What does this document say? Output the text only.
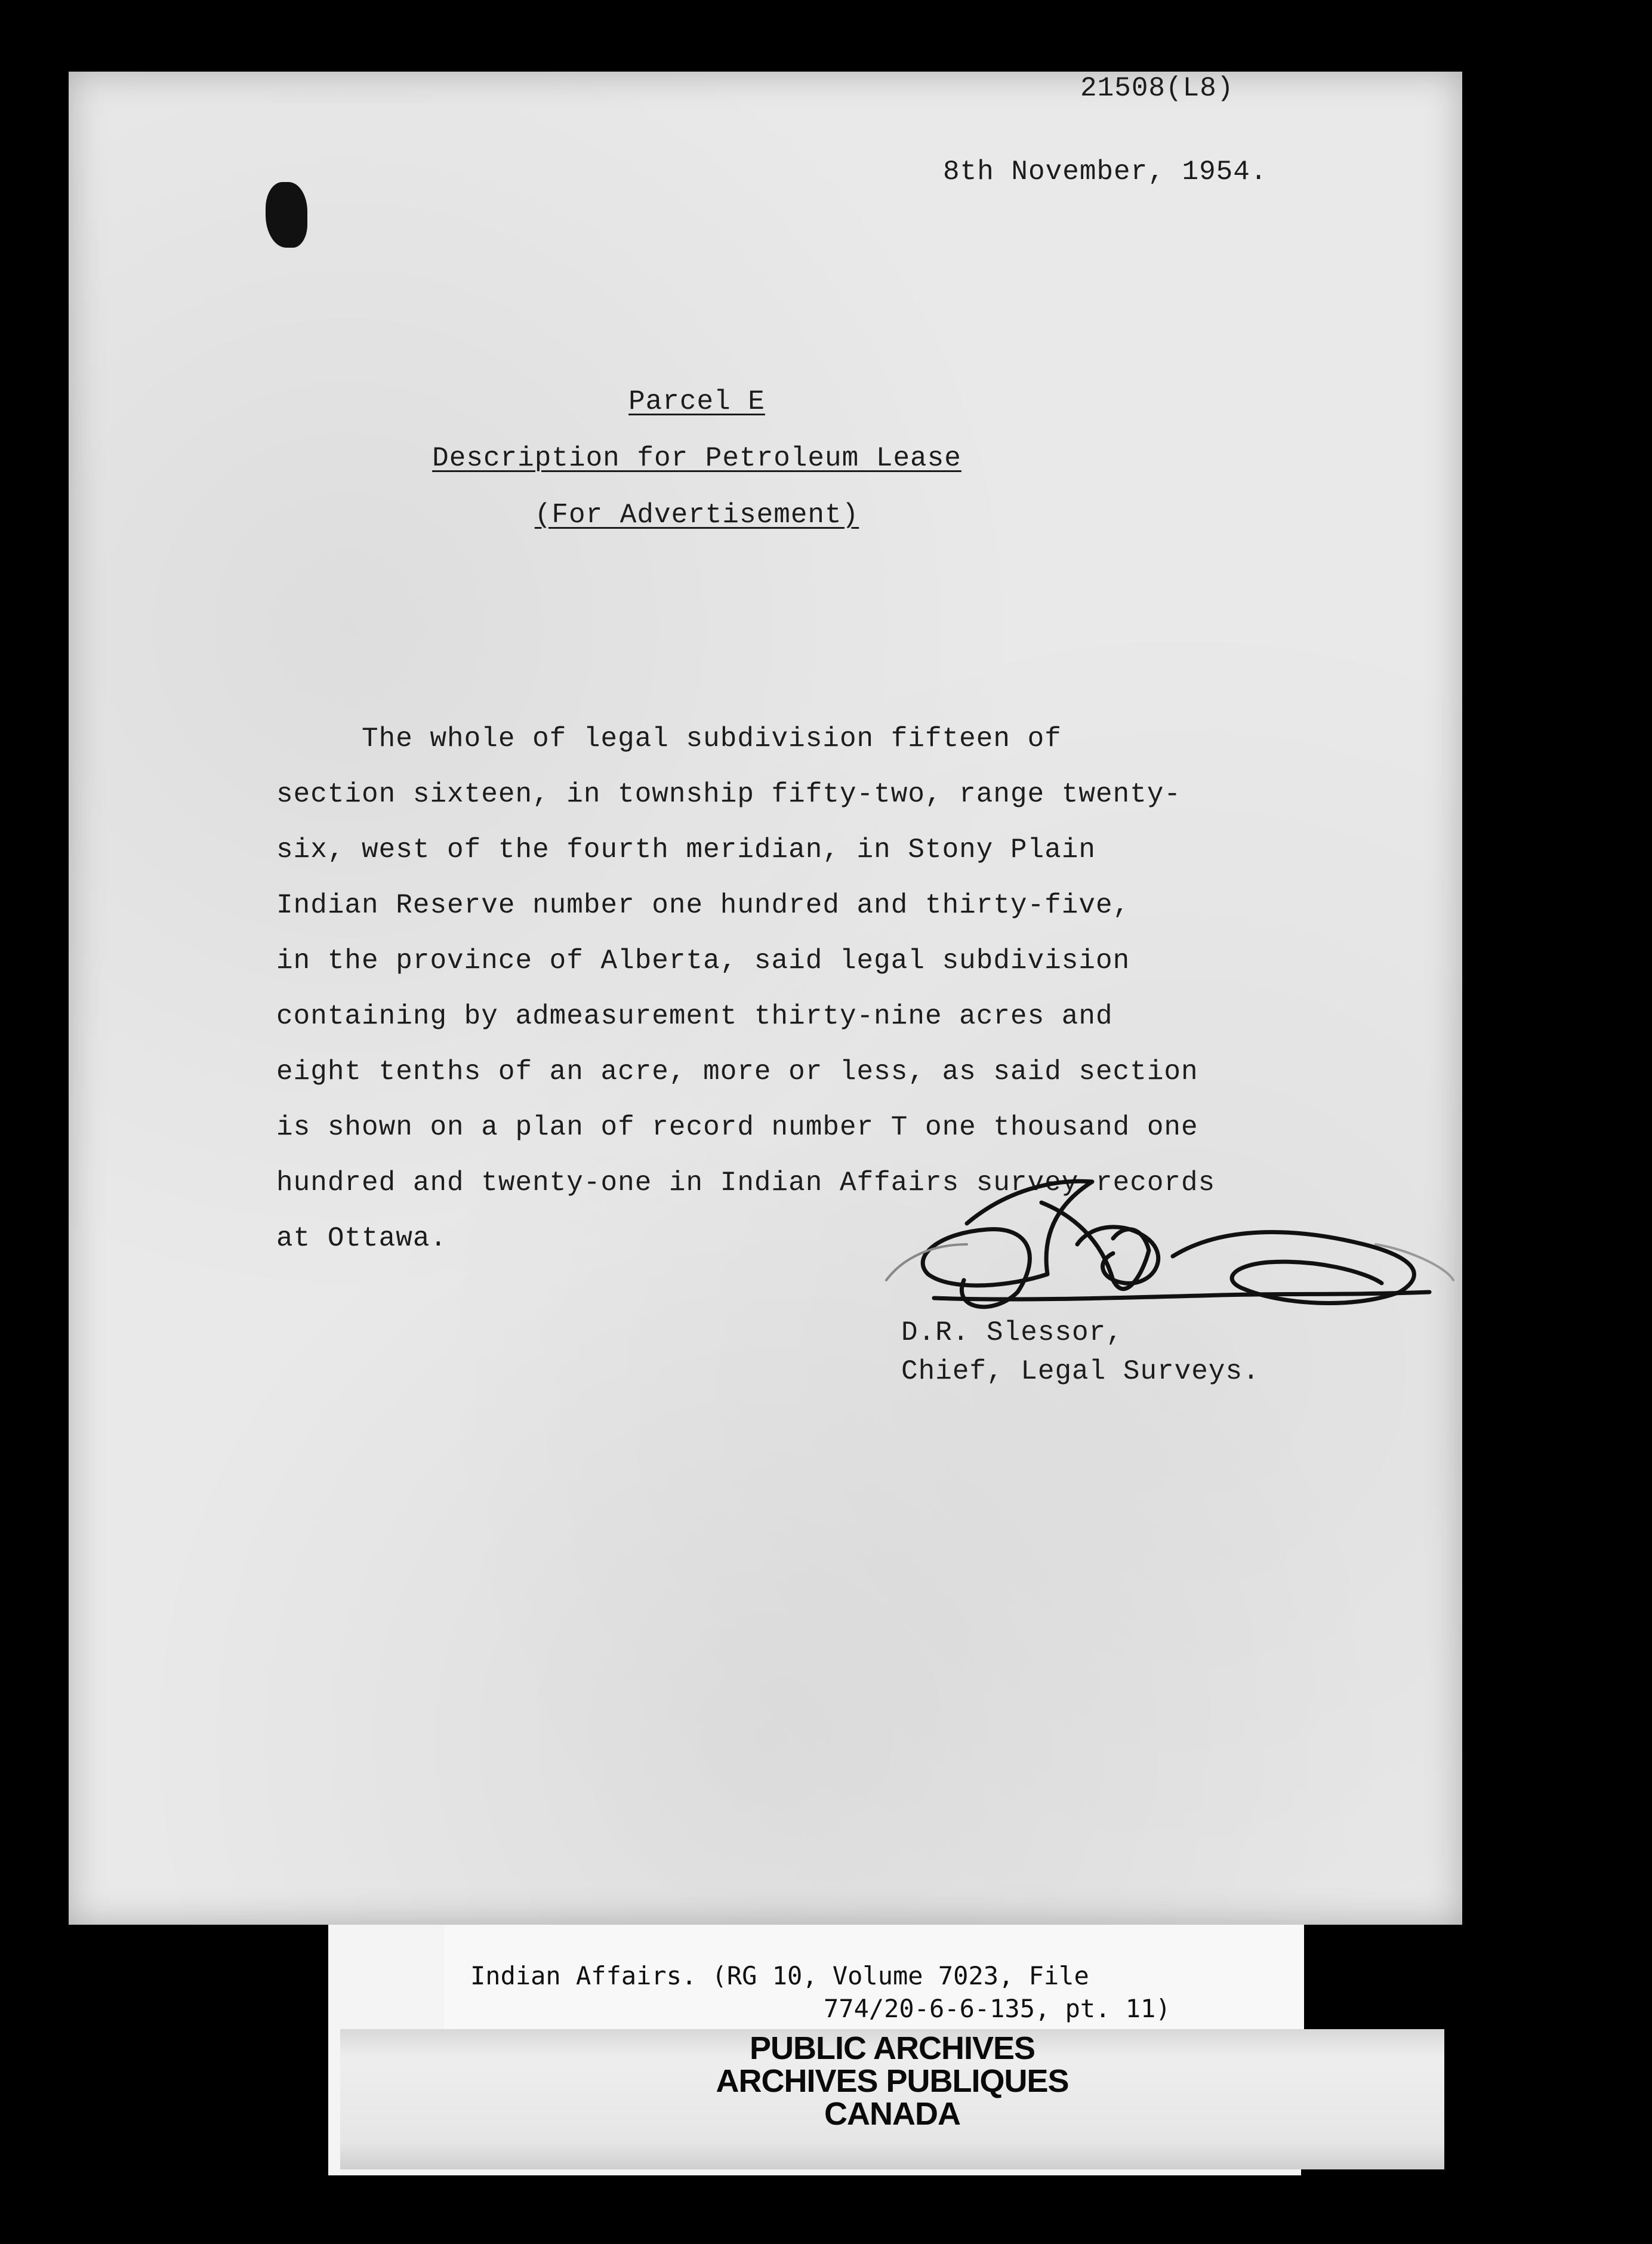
21508(L8)
8th November, 1954.
Parcel E
Description for Petroleum Lease
(For Advertisement)
The whole of legal subdivision fifteen of
section sixteen, in township fifty-two, range twenty-
six, west of the fourth meridian, in Stony Plain
Indian Reserve number one hundred and thirty-five,
in the province of Alberta, said legal subdivision
containing by admeasurement thirty-nine acres and
eight tenths of an acre, more or less, as said section
is shown on a plan of record number T one thousand one
hundred and twenty-one in Indian Affairs survey records
at Ottawa.
D.R. Slessor,
Chief, Legal Surveys.
Indian Affairs. (RG 10, Volume 7023, File
774/20-6-6-135, pt. 11)
PUBLIC ARCHIVES
ARCHIVES PUBLIQUES
CANADA
